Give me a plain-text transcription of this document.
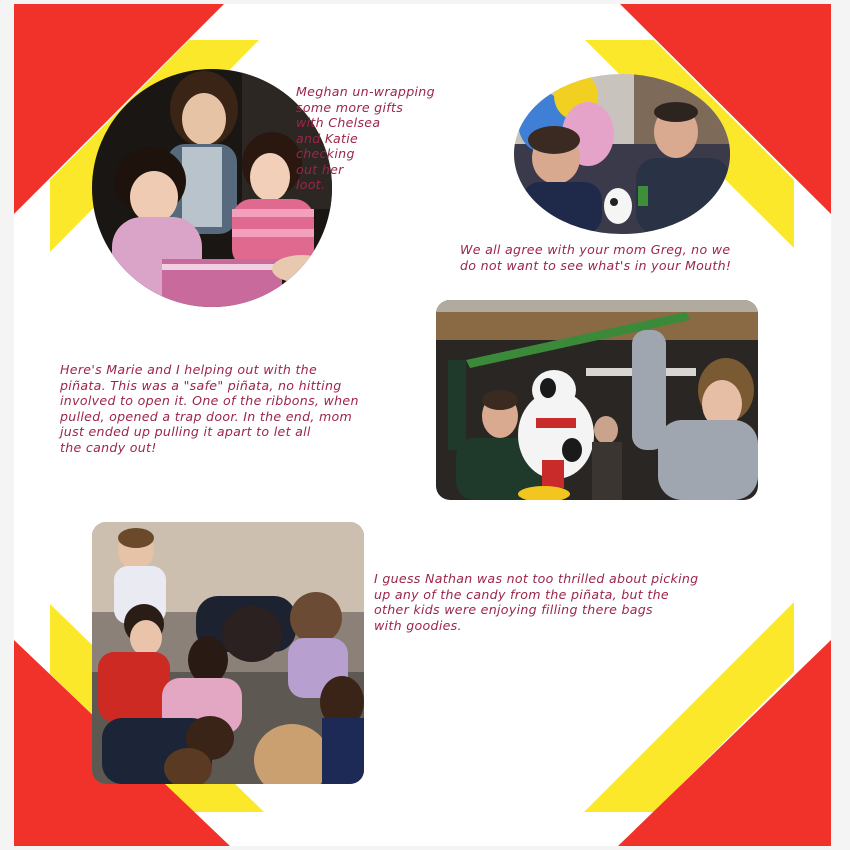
Meghan un-wrapping
some more gifts
with Chelsea
and Katie
checking
out her
loot.
We all agree with your mom Greg, no we
do not want to see what's in your Mouth!
Here's Marie and I helping out with the
piñata. This was a "safe" piñata, no hitting
involved to open it. One of the ribbons, when
pulled, opened a trap door. In the end, mom
just ended up pulling it apart to let all
the candy out!
I guess Nathan was not too thrilled about picking
up any of the candy from the piñata, but the
other kids were enjoying filling there bags
with goodies.
